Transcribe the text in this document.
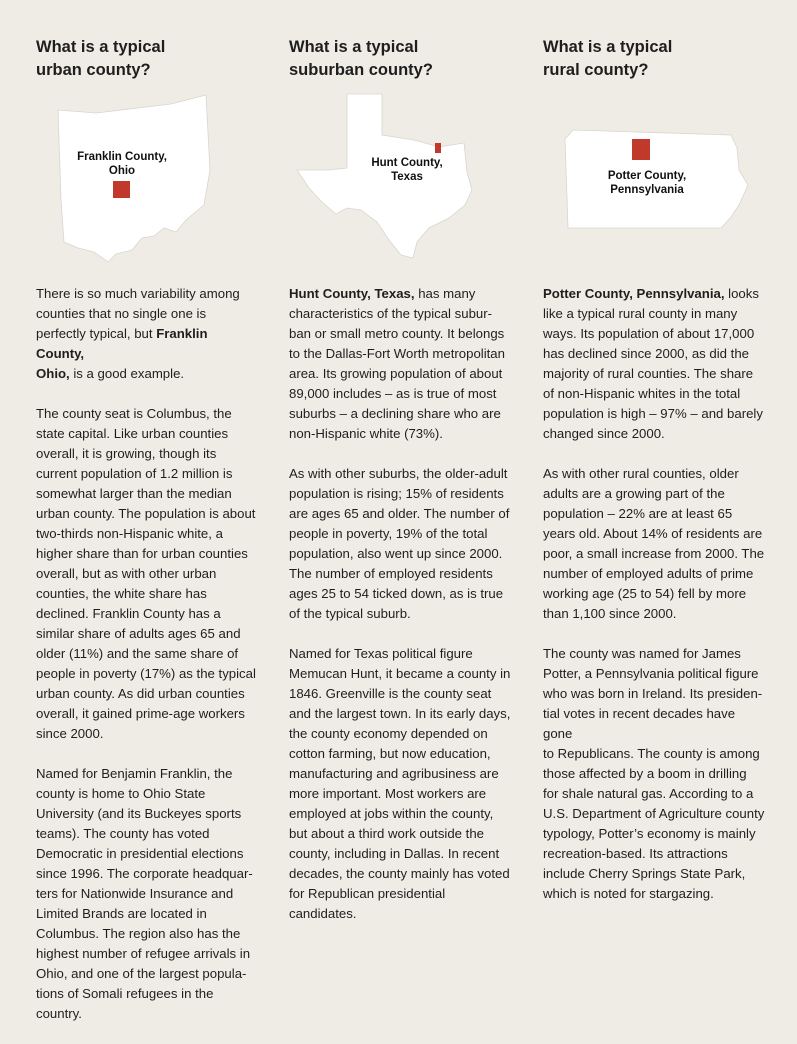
What is a typical
urban county?
Franklin County,
Ohio

There is so much variability among
counties that no single one is
perfectly typical, but Franklin County,
Ohio, is a good example.

The county seat is Columbus, the
state capital. Like urban counties
overall, it is growing, though its
current population of 1.2 million is
somewhat larger than the median
urban county. The population is about
two-thirds non-Hispanic white, a
higher share than for urban counties
overall, but as with other urban
counties, the white share has
declined. Franklin County has a
similar share of adults ages 65 and
older (11%) and the same share of
people in poverty (17%) as the typical
urban county. As did urban counties
overall, it gained prime-age workers
since 2000.

Named for Benjamin Franklin, the
county is home to Ohio State
University (and its Buckeyes sports
teams). The county has voted
Democratic in presidential elections
since 1996. The corporate headquar-
ters for Nationwide Insurance and
Limited Brands are located in
Columbus. The region also has the
highest number of refugee arrivals in
Ohio, and one of the largest popula-
tions of Somali refugees in the
country.

What is a typical
suburban county?
Hunt County,
Texas

Hunt County, Texas, has many
characteristics of the typical subur-
ban or small metro county. It belongs
to the Dallas-Fort Worth metropolitan
area. Its growing population of about
89,000 includes – as is true of most
suburbs – a declining share who are
non-Hispanic white (73%).

As with other suburbs, the older-adult
population is rising; 15% of residents
are ages 65 and older. The number of
people in poverty, 19% of the total
population, also went up since 2000.
The number of employed residents
ages 25 to 54 ticked down, as is true
of the typical suburb.

Named for Texas political figure
Memucan Hunt, it became a county in
1846. Greenville is the county seat
and the largest town. In its early days,
the county economy depended on
cotton farming, but now education,
manufacturing and agribusiness are
more important. Most workers are
employed at jobs within the county,
but about a third work outside the
county, including in Dallas. In recent
decades, the county mainly has voted
for Republican presidential
candidates.

What is a typical
rural county?
Potter County,
Pennsylvania

Potter County, Pennsylvania, looks
like a typical rural county in many
ways. Its population of about 17,000
has declined since 2000, as did the
majority of rural counties. The share
of non-Hispanic whites in the total
population is high – 97% – and barely
changed since 2000.

As with other rural counties, older
adults are a growing part of the
population – 22% are at least 65
years old. About 14% of residents are
poor, a small increase from 2000. The
number of employed adults of prime
working age (25 to 54) fell by more
than 1,100 since 2000.

The county was named for James
Potter, a Pennsylvania political figure
who was born in Ireland. Its presiden-
tial votes in recent decades have gone
to Republicans. The county is among
those affected by a boom in drilling
for shale natural gas. According to a
U.S. Department of Agriculture county
typology, Potter’s economy is mainly
recreation-based. Its attractions
include Cherry Springs State Park,
which is noted for stargazing.
